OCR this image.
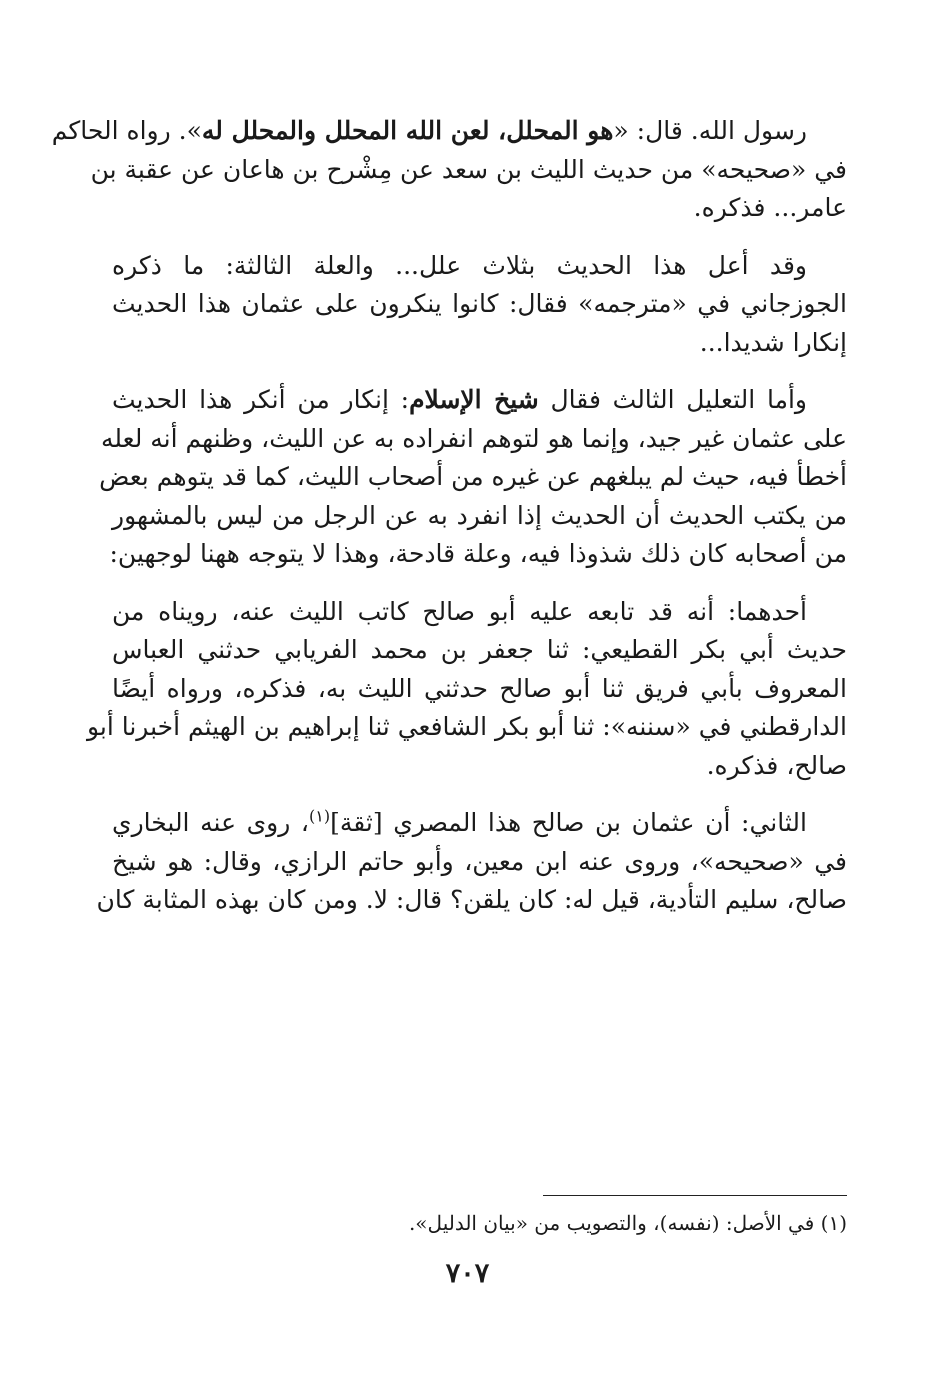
رسول الله. قال: «هو المحلل، لعن الله المحلل والمحلل له». رواه الحاكم
في «صحيحه» من حديث الليث بن سعد عن مِشْرح بن هاعان عن عقبة بن
عامر... فذكره.
وقد أعل هذا الحديث بثلاث علل... والعلة الثالثة: ما ذكره
الجوزجاني في «مترجمه» فقال: كانوا ينكرون على عثمان هذا الحديث
إنكارا شديدا...
وأما التعليل الثالث فقال شيخ الإسلام: إنكار من أنكر هذا الحديث
على عثمان غير جيد، وإنما هو لتوهم انفراده به عن الليث، وظنهم أنه لعله
أخطأ فيه، حيث لم يبلغهم عن غيره من أصحاب الليث، كما قد يتوهم بعض
من يكتب الحديث أن الحديث إذا انفرد به عن الرجل من ليس بالمشهور
من أصحابه كان ذلك شذوذا فيه، وعلة قادحة، وهذا لا يتوجه ههنا لوجهين:
أحدهما: أنه قد تابعه عليه أبو صالح كاتب الليث عنه، رويناه من
حديث أبي بكر القطيعي: ثنا جعفر بن محمد الفريابي حدثني العباس
المعروف بأبي فريق ثنا أبو صالح حدثني الليث به، فذكره، ورواه أيضًا
الدارقطني في «سننه»: ثنا أبو بكر الشافعي ثنا إبراهيم بن الهيثم أخبرنا أبو
صالح، فذكره.
الثاني: أن عثمان بن صالح هذا المصري [ثقة]$^{(١)}$، روى عنه البخاري
في «صحيحه»، وروى عنه ابن معين، وأبو حاتم الرازي، وقال: هو شيخ
صالح، سليم التأدية، قيل له: كان يلقن؟ قال: لا. ومن كان بهذه المثابة كان
(١) في الأصل: (نفسه)، والتصويب من «بيان الدليل».
٧٠٧
